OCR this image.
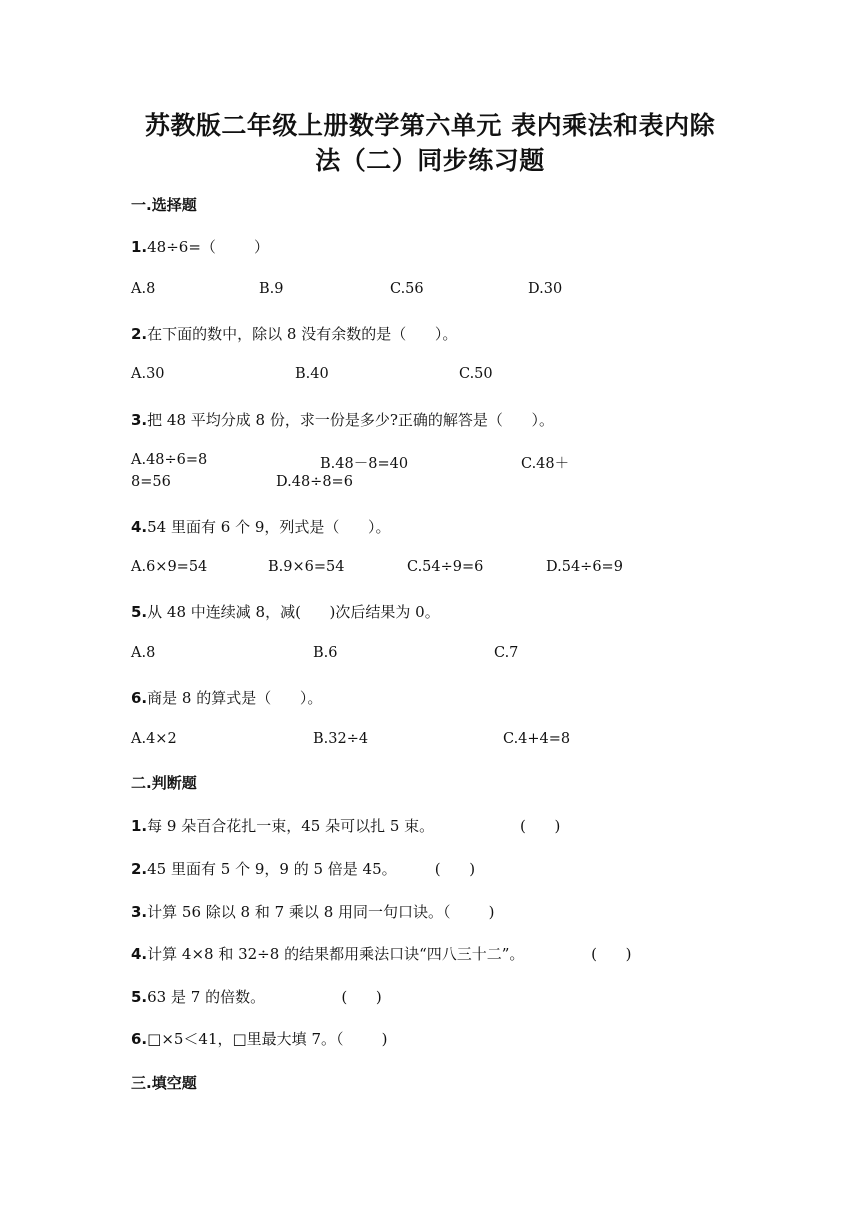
苏教版二年级上册数学第六单元 表内乘法和表内除
法（二）同步练习题
一.选择题
1.48÷6=（        ）
A.8	B.9	C.56	D.30
2.在下面的数中，除以 8 没有余数的是（      ）。
A.30	B.40	C.50
3.把 48 平均分成 8 份，求一份是多少?正确的解答是（      ）。
A.48÷6=8	B.48－8=40	C.48＋
8=56	D.48÷8=6
4.54 里面有 6 个 9，列式是（      ）。
A.6×9=54	B.9×6=54	C.54÷9=6	D.54÷6=9
5.从 48 中连续减 8，减(      )次后结果为 0。
A.8	B.6	C.7
6.商是 8 的算式是（      ）。
A.4×2	B.32÷4	C.4+4=8
二.判断题
1.每 9 朵百合花扎一束，45 朵可以扎 5 束。                  (      )
2.45 里面有 5 个 9，9 的 5 倍是 45。        (      )
3.计算 56 除以 8 和 7 乘以 8 用同一句口诀。（        )
4.计算 4×8 和 32÷8 的结果都用乘法口诀“四八三十二”。              (      )
5.63 是 7 的倍数。                (      )
6.□×5＜41，□里最大填 7。（        )
三.填空题
